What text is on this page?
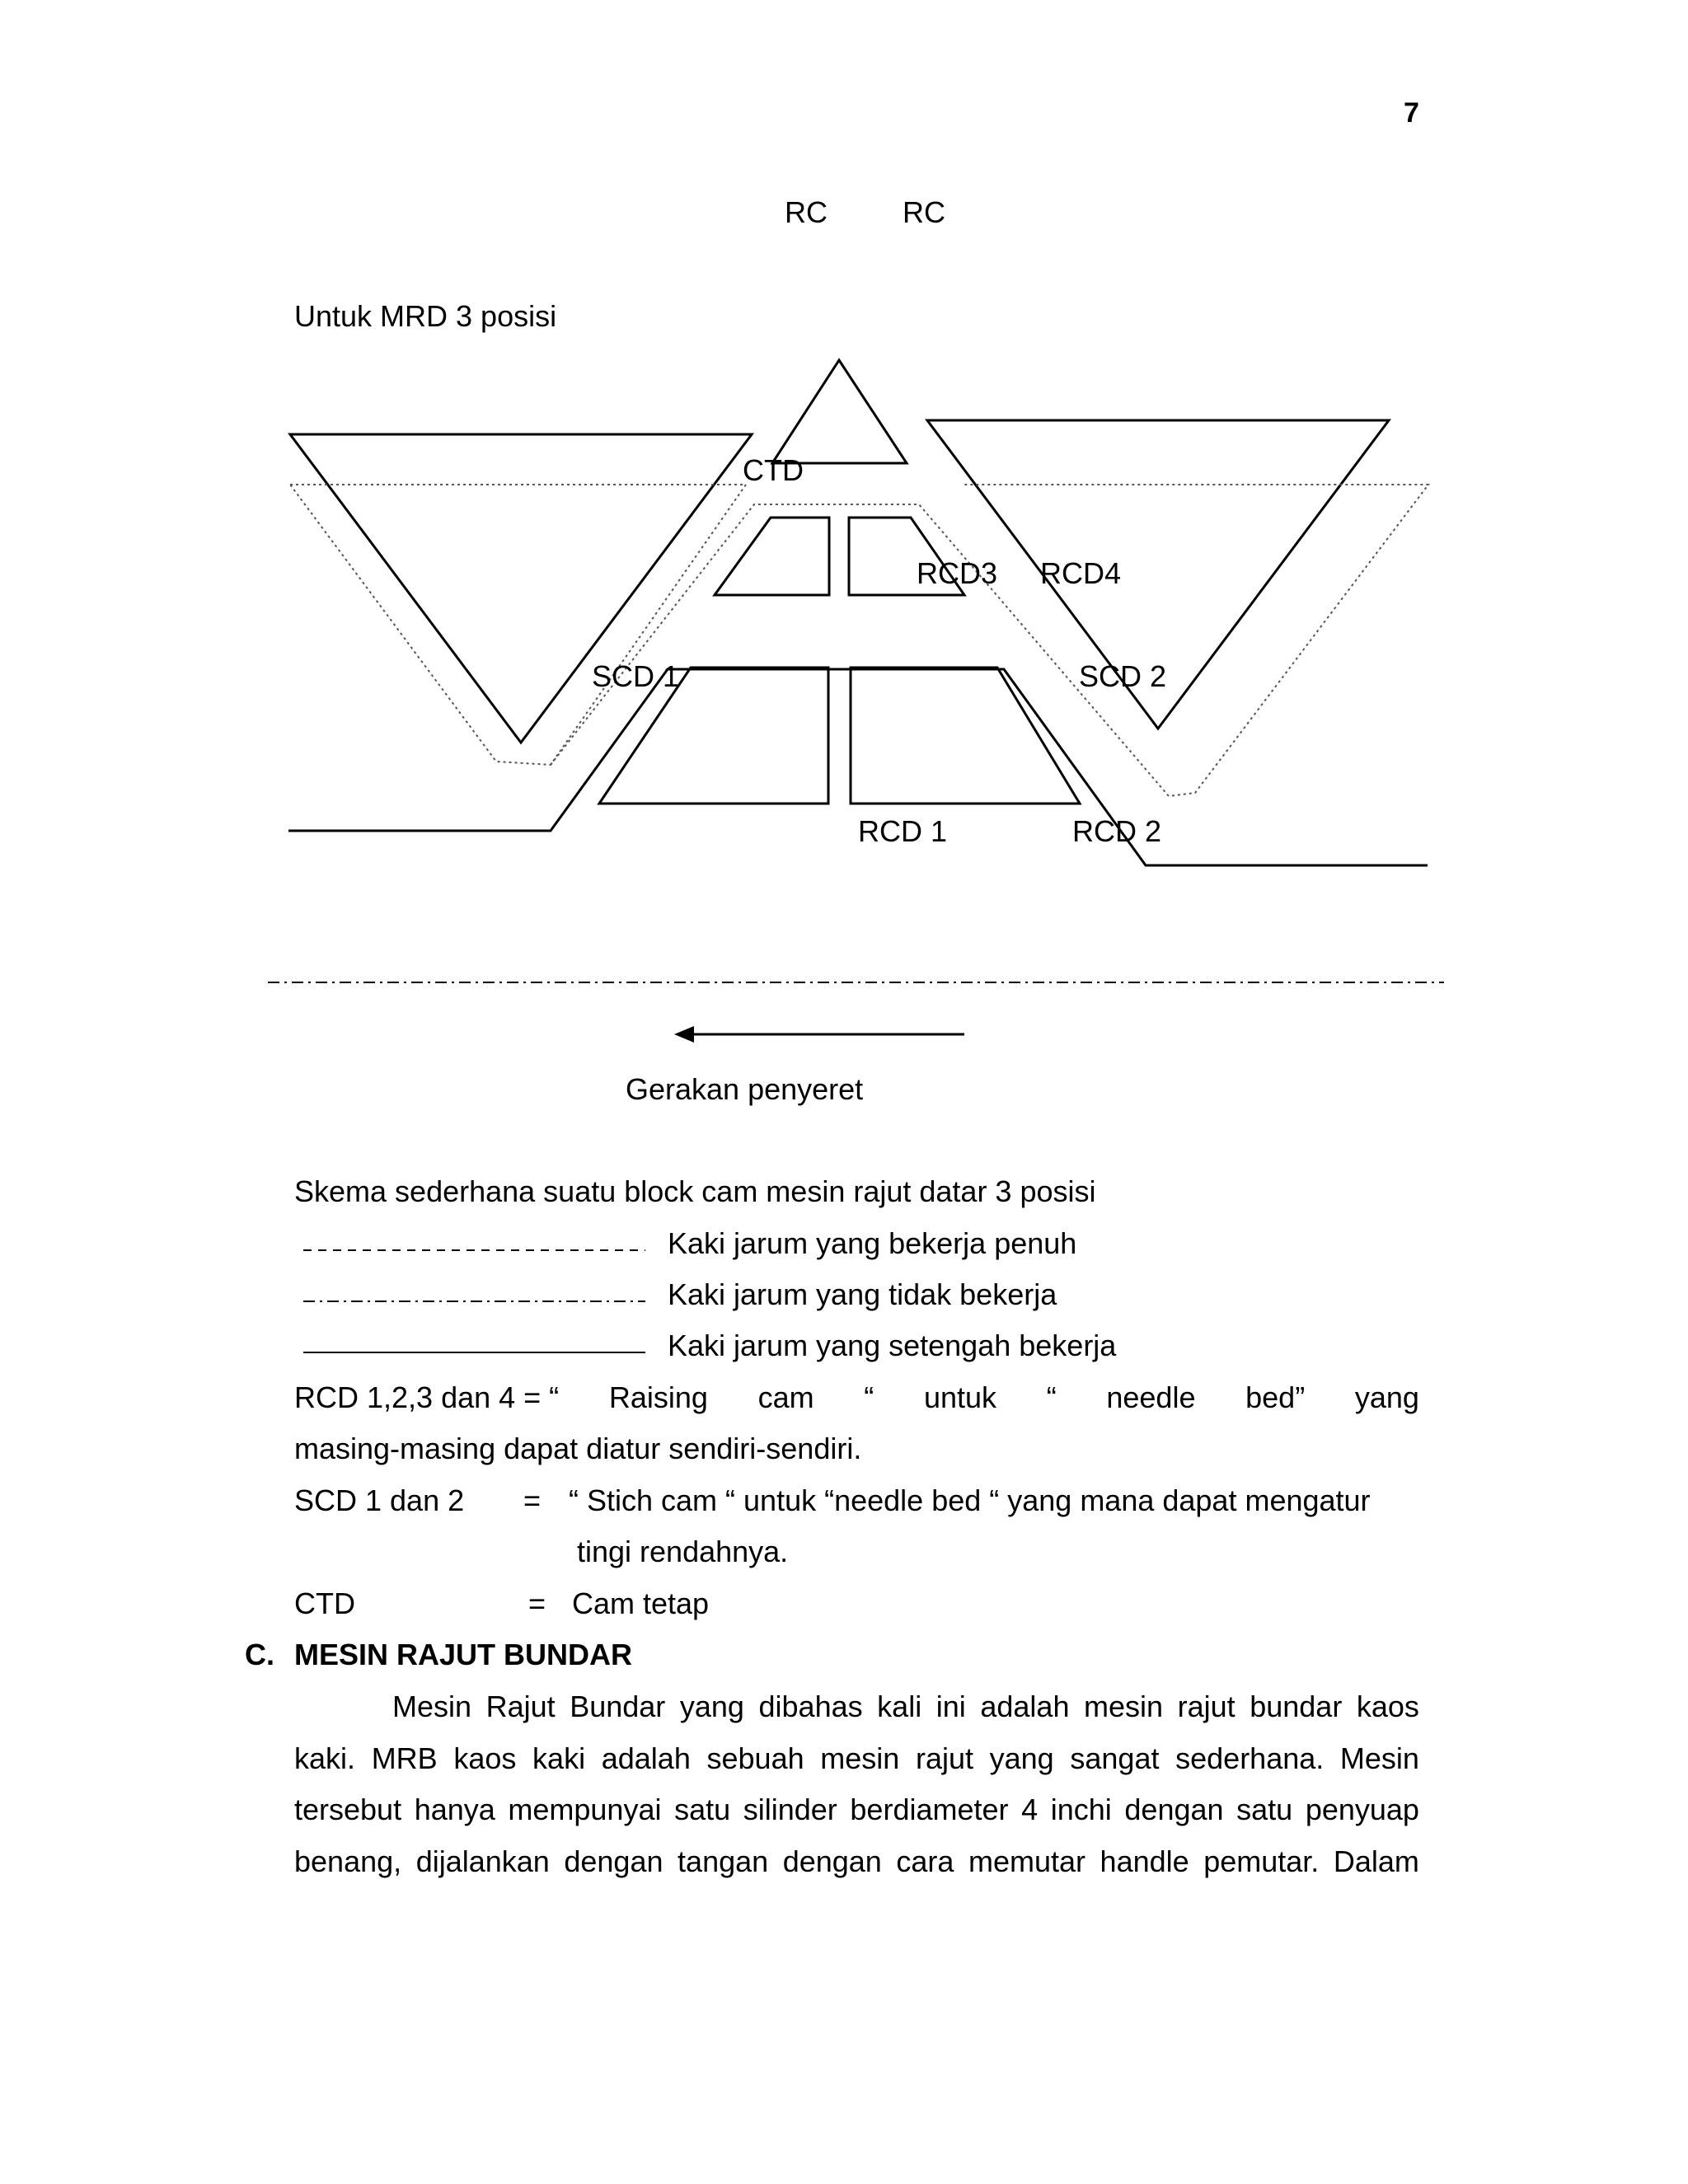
7
RC	RC
Untuk MRD 3 posisi
CTD
RCD3 RCD4
SCD 1	SCD 2
RCD 1	RCD 2
Gerakan penyeret
Skema sederhana suatu block cam mesin rajut datar 3 posisi
Kaki jarum yang bekerja penuh
Kaki jarum yang tidak bekerja
Kaki jarum yang setengah bekerja
RCD 1,2,3 dan 4 = “ Raising cam “ untuk “ needle bed” yang
masing-masing dapat diatur sendiri-sendiri.
SCD 1 dan 2 = “ Stich cam “ untuk “needle bed “ yang mana dapat mengatur
tingi rendahnya.
CTD	= Cam tetap
C. MESIN RAJUT BUNDAR
Mesin Rajut Bundar yang dibahas kali ini adalah mesin rajut bundar kaos
kaki. MRB kaos kaki adalah sebuah mesin rajut yang sangat sederhana. Mesin
tersebut hanya mempunyai satu silinder berdiameter 4 inchi dengan satu penyuap
benang, dijalankan dengan tangan dengan cara memutar handle pemutar. Dalam
